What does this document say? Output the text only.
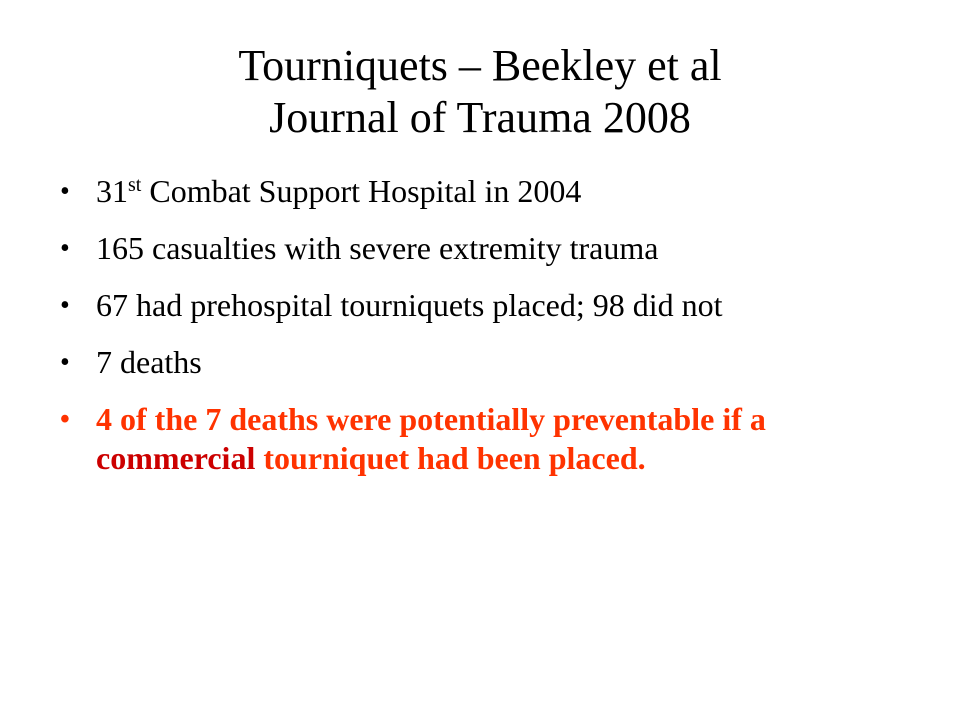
Tourniquets – Beekley et al
Journal of Trauma 2008
• 31st Combat Support Hospital in 2004
• 165 casualties with severe extremity trauma
• 67 had prehospital tourniquets placed; 98 did not
• 7 deaths
• 4 of the 7 deaths were potentially preventable if a commercial tourniquet had been placed.
